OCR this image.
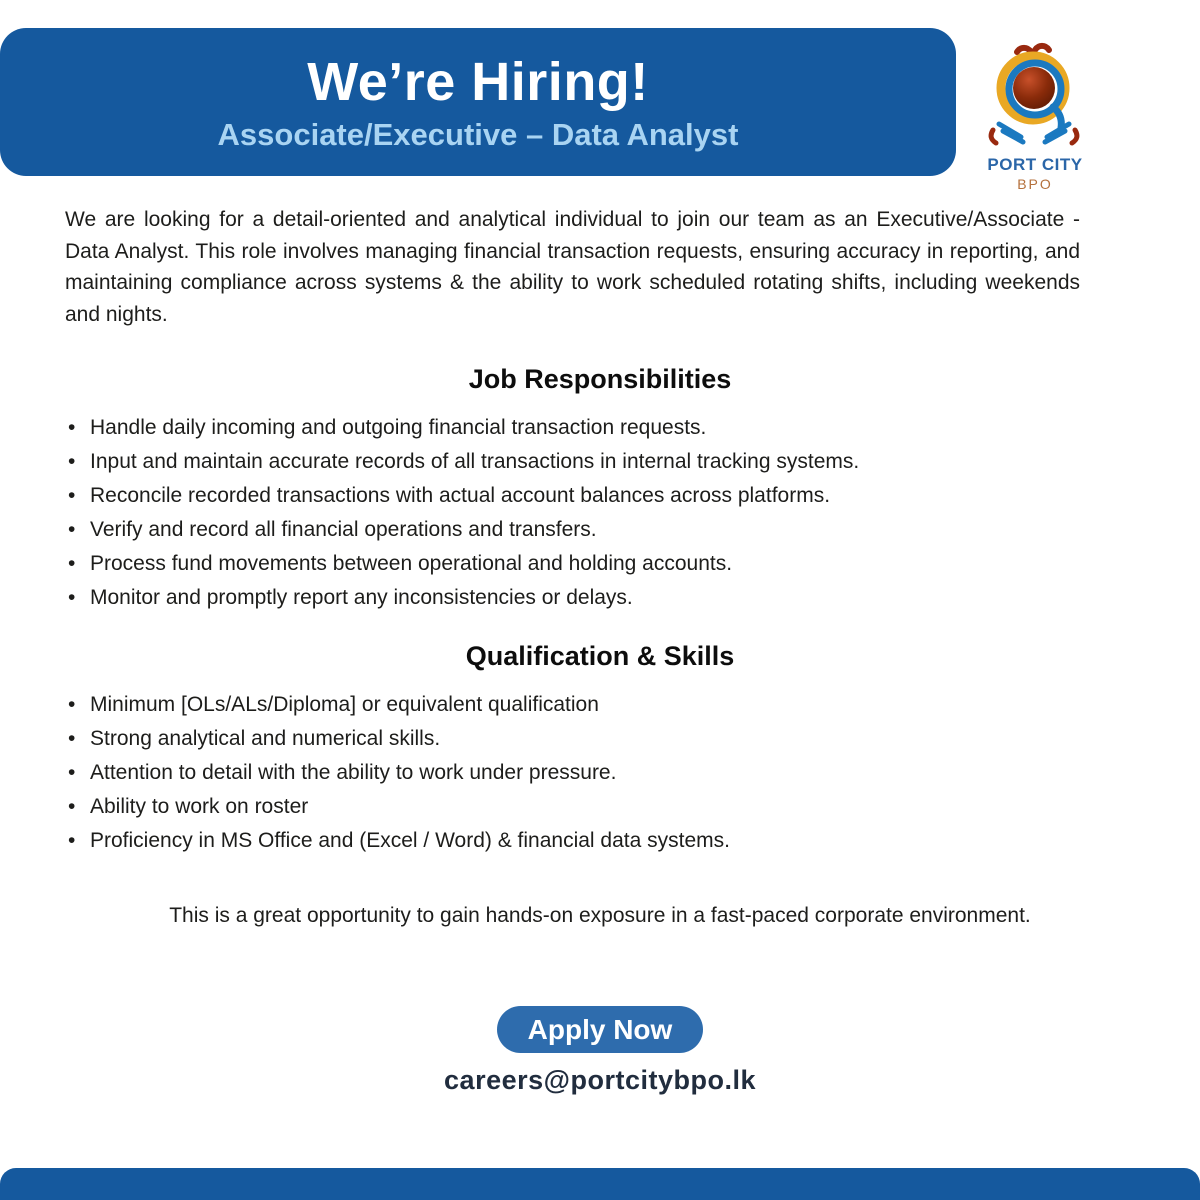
We’re Hiring!
Associate/Executive – Data Analyst
PORT CITY
BPO

We are looking for a detail-oriented and analytical individual to join our team as an Executive/Associate - Data Analyst. This role involves managing financial transaction requests, ensuring accuracy in reporting, and maintaining compliance across systems & the ability to work scheduled rotating shifts, including weekends and nights.

Job Responsibilities
• Handle daily incoming and outgoing financial transaction requests.
• Input and maintain accurate records of all transactions in internal tracking systems.
• Reconcile recorded transactions with actual account balances across platforms.
• Verify and record all financial operations and transfers.
• Process fund movements between operational and holding accounts.
• Monitor and promptly report any inconsistencies or delays.
Qualification & Skills
• Minimum [OLs/ALs/Diploma] or equivalent qualification
• Strong analytical and numerical skills.
• Attention to detail with the ability to work under pressure.
• Ability to work on roster
• Proficiency in MS Office and (Excel / Word) & financial data systems.

This is a great opportunity to gain hands-on exposure in a fast-paced corporate environment.

Apply Now
careers@portcitybpo.lk
